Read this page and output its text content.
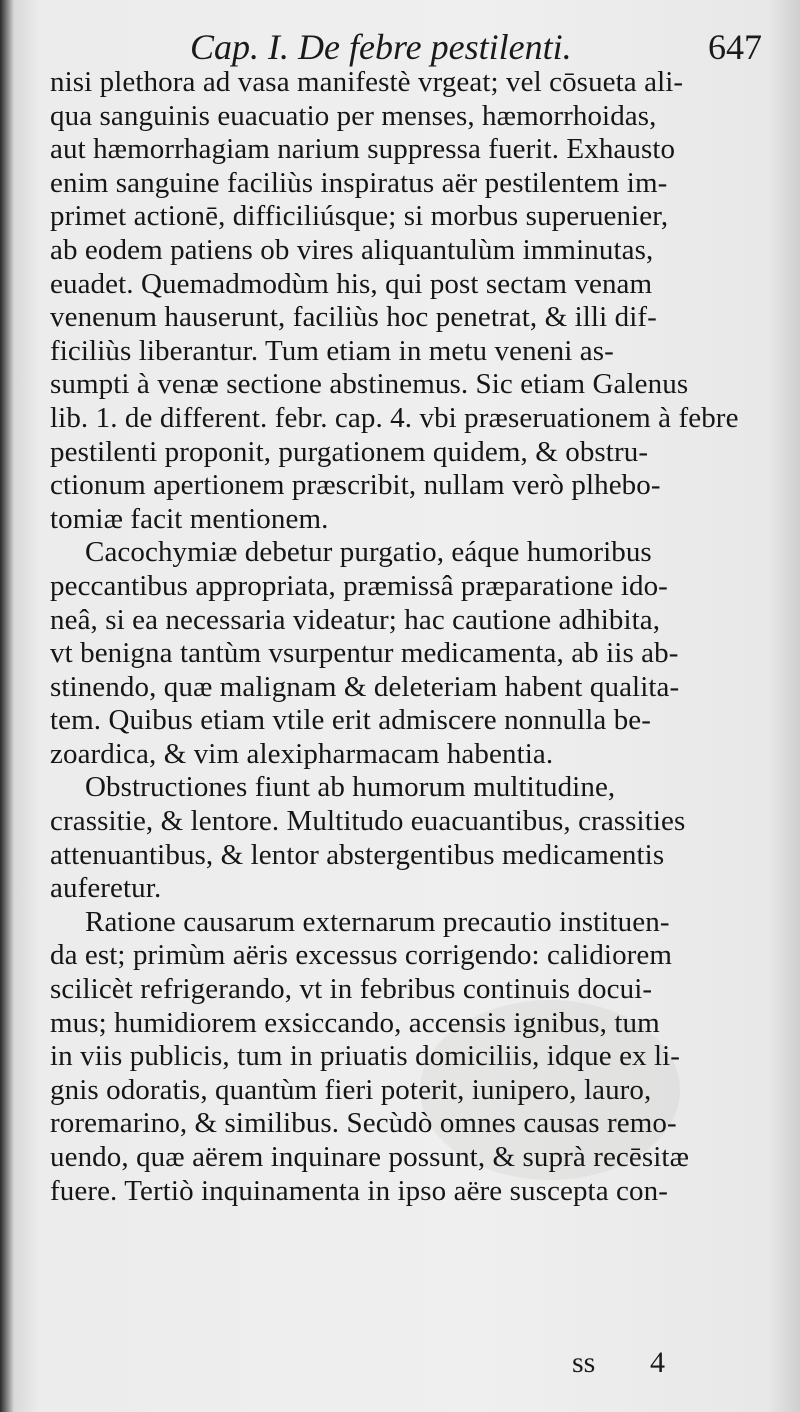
Cap. I. De febre pestilenti.	647
nisi plethora ad vasa manifestè vrgeat; vel cōsueta ali-
qua sanguinis euacuatio per menses, hæmorrhoidas,
aut hæmorrhagiam narium suppressa fuerit. Exhausto
enim sanguine faciliùs inspiratus aër pestilentem im-
primet actionē, difficiliúsque; si morbus superuenier,
ab eodem patiens ob vires aliquantulùm imminutas,
euadet. Quemadmodùm his, qui post sectam venam
venenum hauserunt, faciliùs hoc penetrat, & illi dif-
ficiliùs liberantur. Tum etiam in metu veneni as-
sumpti à venæ sectione abstinemus. Sic etiam Galenus
lib. 1. de different. febr. cap. 4. vbi præseruationem à febre
pestilenti proponit, purgationem quidem, & obstru-
ctionum apertionem præscribit, nullam verò plhebo-
tomiæ facit mentionem.
Cacochymiæ debetur purgatio, eáque humoribus
peccantibus appropriata, præmissâ præparatione ido-
neâ, si ea necessaria videatur; hac cautione adhibita,
vt benigna tantùm vsurpentur medicamenta, ab iis ab-
stinendo, quæ malignam & deleteriam habent qualita-
tem. Quibus etiam vtile erit admiscere nonnulla be-
zoardica, & vim alexipharmacam habentia.
Obstructiones fiunt ab humorum multitudine,
crassitie, & lentore. Multitudo euacuantibus, crassities
attenuantibus, & lentor abstergentibus medicamentis
auferetur.
Ratione causarum externarum precautio instituen-
da est; primùm aëris excessus corrigendo: calidiorem
scilicèt refrigerando, vt in febribus continuis docui-
mus; humidiorem exsiccando, accensis ignibus, tum
in viis publicis, tum in priuatis domiciliis, idque ex li-
gnis odoratis, quantùm fieri poterit, iunipero, lauro,
roremarino, & similibus. Secùdò omnes causas remo-
uendo, quæ aërem inquinare possunt, & suprà recēsitæ
fuere. Tertiò inquinamenta in ipso aëre suscepta con-
ss 4
